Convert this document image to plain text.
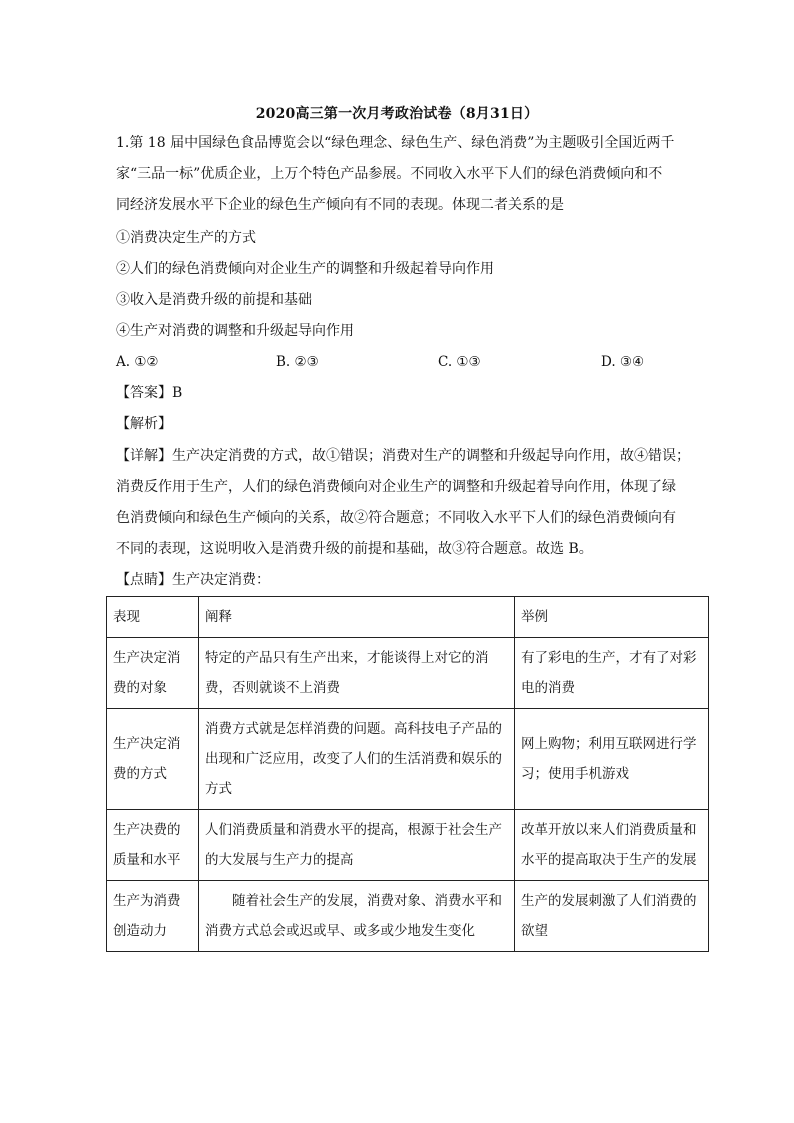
2020高三第一次月考政治试卷（8月31日）
1.第 18 届中国绿色食品博览会以“绿色理念、绿色生产、绿色消费”为主题吸引全国近两千
家“三品一标”优质企业，上万个特色产品参展。不同收入水平下人们的绿色消费倾向和不
同经济发展水平下企业的绿色生产倾向有不同的表现。体现二者关系的是
①消费决定生产的方式
②人们的绿色消费倾向对企业生产的调整和升级起着导向作用
③收入是消费升级的前提和基础
④生产对消费的调整和升级起导向作用
A. ①②	B. ②③	C. ①③	D. ③④
【答案】B
【解析】
【详解】生产决定消费的方式，故①错误；消费对生产的调整和升级起导向作用，故④错误；
消费反作用于生产，人们的绿色消费倾向对企业生产的调整和升级起着导向作用，体现了绿
色消费倾向和绿色生产倾向的关系，故②符合题意；不同收入水平下人们的绿色消费倾向有
不同的表现，这说明收入是消费升级的前提和基础，故③符合题意。故选 B。
【点睛】生产决定消费：
表现	阐释	举例
生产决定消费的对象	特定的产品只有生产出来，才能谈得上对它的消费，否则就谈不上消费	有了彩电的生产，才有了对彩电的消费
生产决定消费的方式	消费方式就是怎样消费的问题。高科技电子产品的出现和广泛应用，改变了人们的生活消费和娱乐的方式	网上购物；利用互联网进行学习；使用手机游戏
生产决费的质量和水平	人们消费质量和消费水平的提高，根源于社会生产的大发展与生产力的提高	改革开放以来人们消费质量和水平的提高取决于生产的发展
生产为消费创造动力	随着社会生产的发展，消费对象、消费水平和消费方式总会或迟或早、或多或少地发生变化	生产的发展刺激了人们消费的欲望
